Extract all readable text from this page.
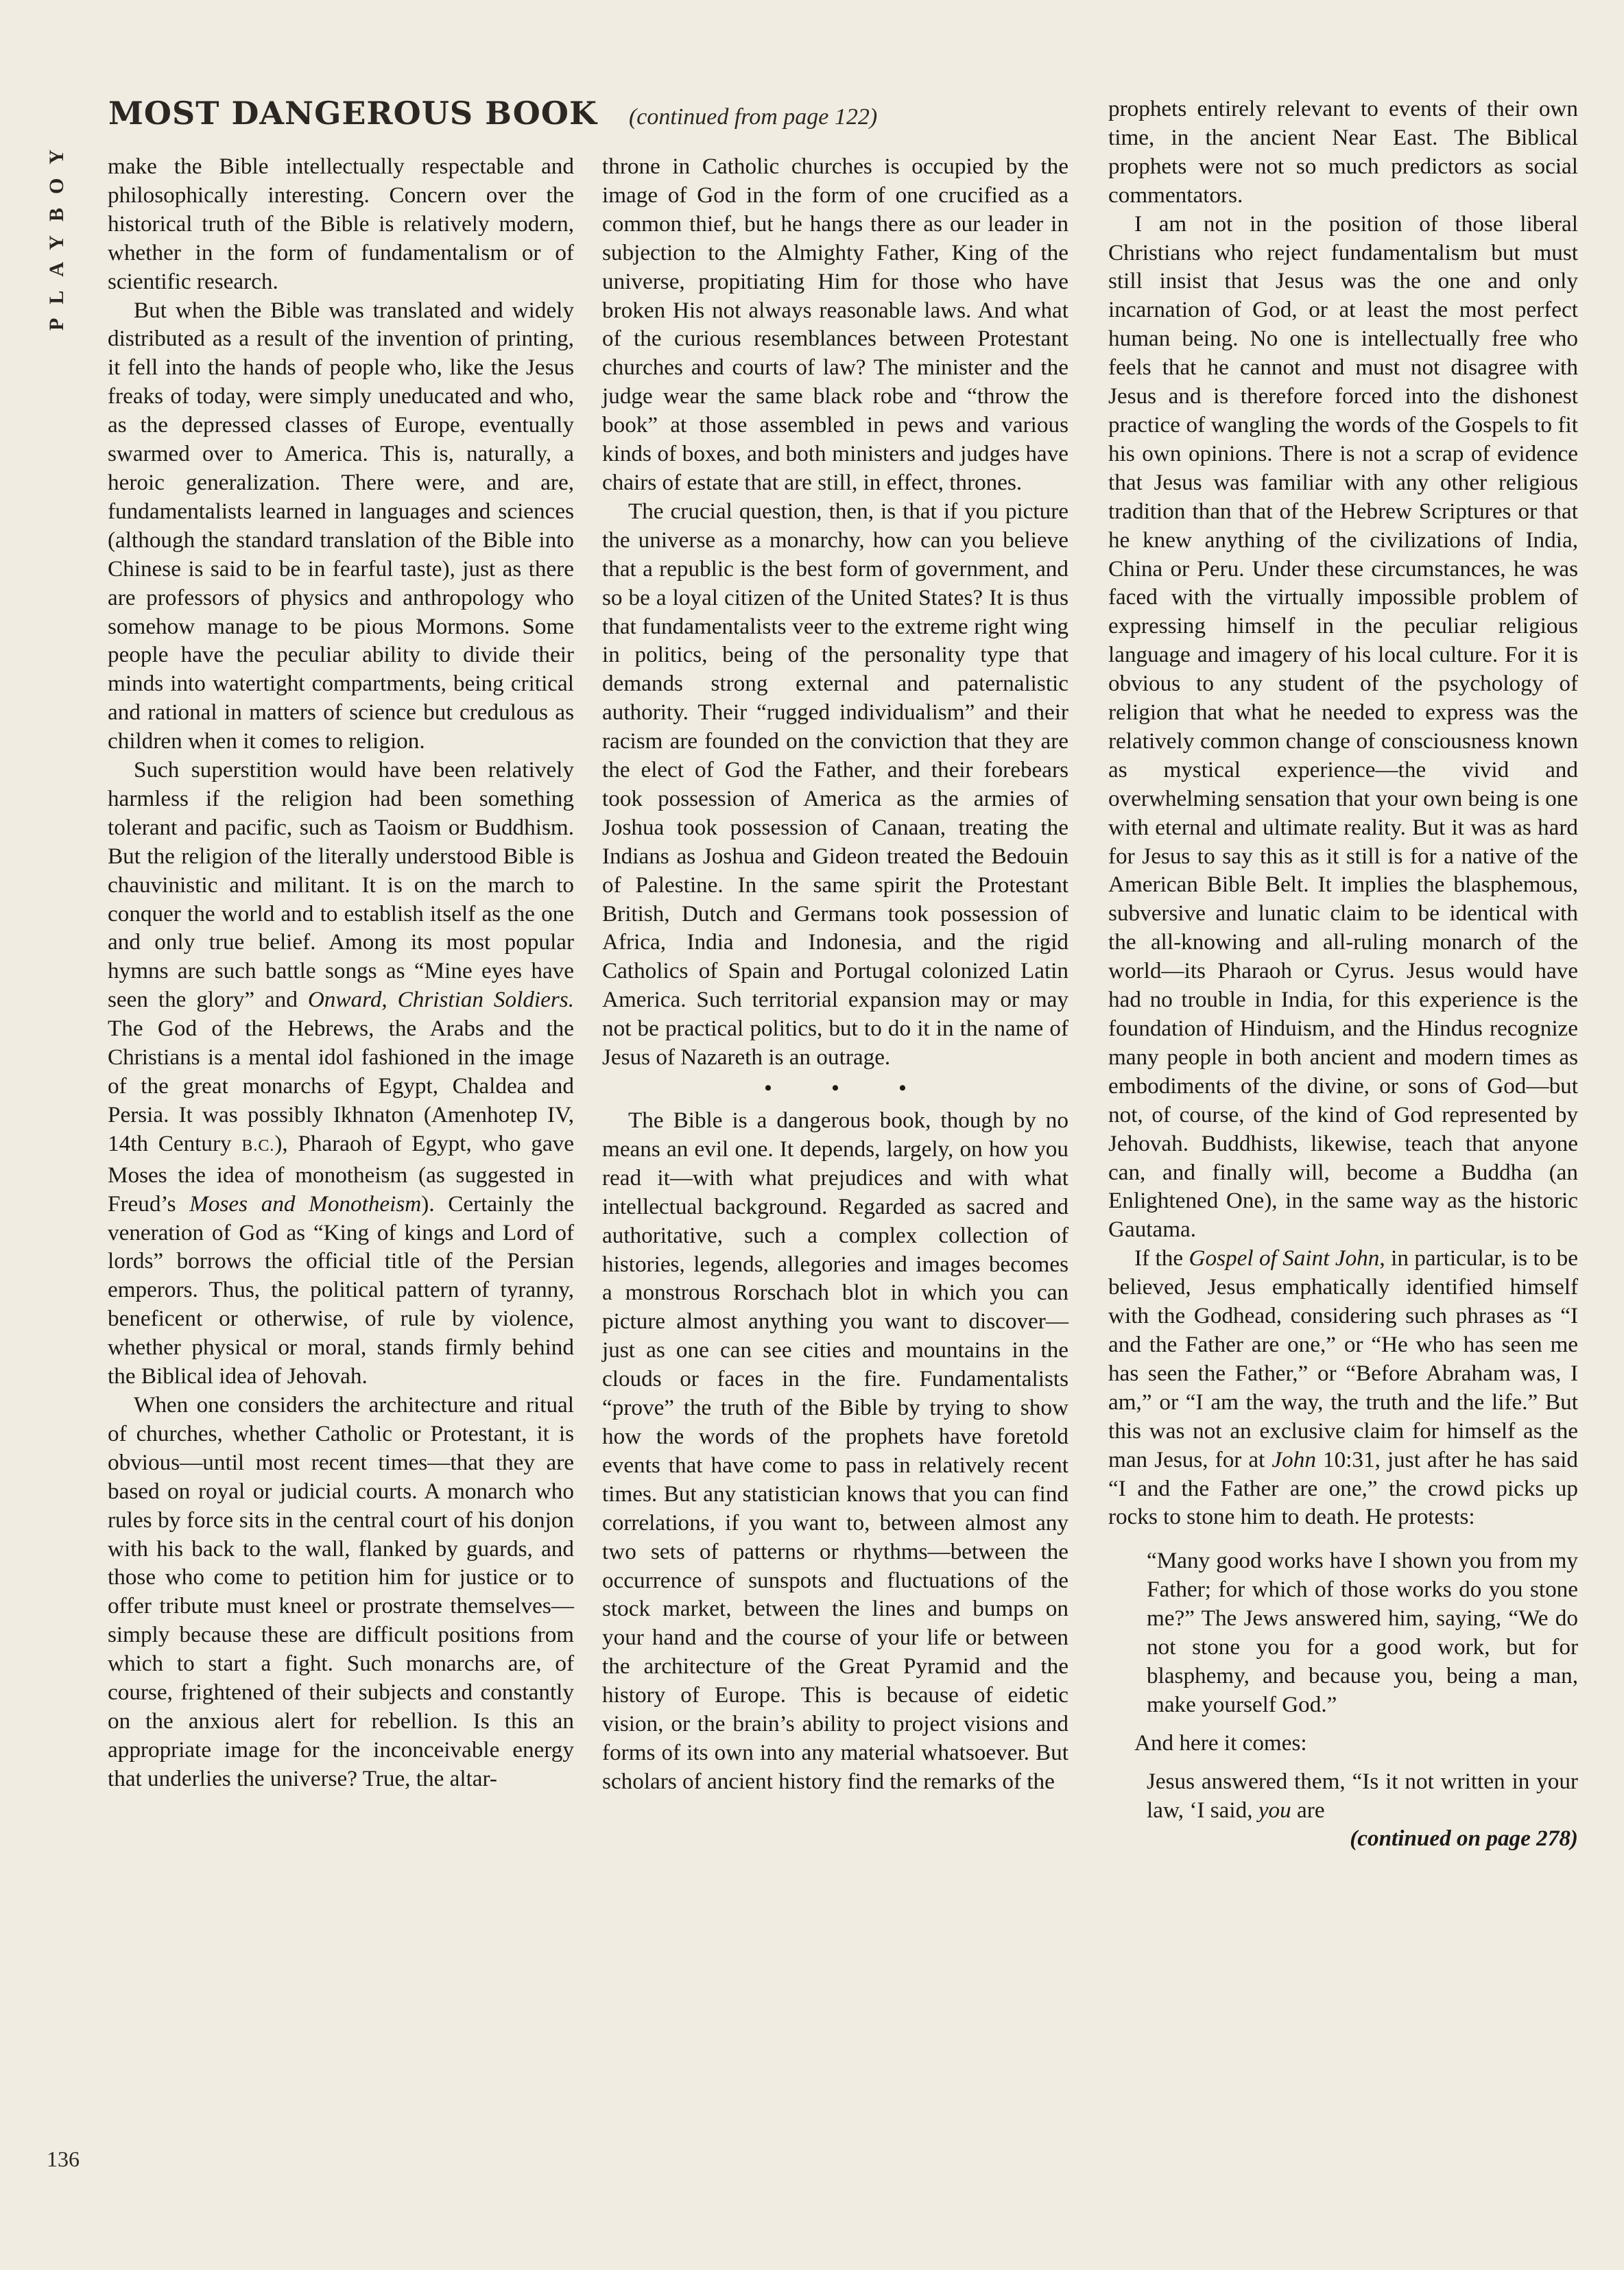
PLAYBOY
MOST DANGEROUS BOOK (continued from page 122)

make the Bible intellectually respectable and philosophically interesting. Concern over the historical truth of the Bible is relatively modern, whether in the form of fundamentalism or of scientific research.

But when the Bible was translated and widely distributed as a result of the invention of printing, it fell into the hands of people who, like the Jesus freaks of today, were simply uneducated and who, as the depressed classes of Europe, eventually swarmed over to America. This is, naturally, a heroic generalization. There were, and are, fundamentalists learned in languages and sciences (although the standard translation of the Bible into Chinese is said to be in fearful taste), just as there are professors of physics and anthropology who somehow manage to be pious Mormons. Some people have the peculiar ability to divide their minds into watertight compartments, being critical and rational in matters of science but credulous as children when it comes to religion.

Such superstition would have been relatively harmless if the religion had been something tolerant and pacific, such as Taoism or Buddhism. But the religion of the literally understood Bible is chauvinistic and militant. It is on the march to conquer the world and to establish itself as the one and only true belief. Among its most popular hymns are such battle songs as “Mine eyes have seen the glory” and Onward, Christian Soldiers. The God of the Hebrews, the Arabs and the Christians is a mental idol fashioned in the image of the great monarchs of Egypt, Chaldea and Persia. It was possibly Ikhnaton (Amenhotep IV, 14th Century B.C.), Pharaoh of Egypt, who gave Moses the idea of monotheism (as suggested in Freud’s Moses and Monotheism). Certainly the veneration of God as “King of kings and Lord of lords” borrows the official title of the Persian emperors. Thus, the political pattern of tyranny, beneficent or otherwise, of rule by violence, whether physical or moral, stands firmly behind the Biblical idea of Jehovah.

When one considers the architecture and ritual of churches, whether Catholic or Protestant, it is obvious—until most recent times—that they are based on royal or judicial courts. A monarch who rules by force sits in the central court of his donjon with his back to the wall, flanked by guards, and those who come to petition him for justice or to offer tribute must kneel or prostrate themselves—simply because these are difficult positions from which to start a fight. Such monarchs are, of course, frightened of their subjects and constantly on the anxious alert for rebellion. Is this an appropriate image for the inconceivable energy that underlies the universe? True, the altar-

throne in Catholic churches is occupied by the image of God in the form of one crucified as a common thief, but he hangs there as our leader in subjection to the Almighty Father, King of the universe, propitiating Him for those who have broken His not always reasonable laws. And what of the curious resemblances between Protestant churches and courts of law? The minister and the judge wear the same black robe and “throw the book” at those assembled in pews and various kinds of boxes, and both ministers and judges have chairs of estate that are still, in effect, thrones.

The crucial question, then, is that if you picture the universe as a monarchy, how can you believe that a republic is the best form of government, and so be a loyal citizen of the United States? It is thus that fundamentalists veer to the extreme right wing in politics, being of the personality type that demands strong external and paternalistic authority. Their “rugged individualism” and their racism are founded on the conviction that they are the elect of God the Father, and their forebears took possession of America as the armies of Joshua took possession of Canaan, treating the Indians as Joshua and Gideon treated the Bedouin of Palestine. In the same spirit the Protestant British, Dutch and Germans took possession of Africa, India and Indonesia, and the rigid Catholics of Spain and Portugal colonized Latin America. Such territorial expansion may or may not be practical politics, but to do it in the name of Jesus of Nazareth is an outrage.

• • •

The Bible is a dangerous book, though by no means an evil one. It depends, largely, on how you read it—with what prejudices and with what intellectual background. Regarded as sacred and authoritative, such a complex collection of histories, legends, allegories and images becomes a monstrous Rorschach blot in which you can picture almost anything you want to discover—just as one can see cities and mountains in the clouds or faces in the fire. Fundamentalists “prove” the truth of the Bible by trying to show how the words of the prophets have foretold events that have come to pass in relatively recent times. But any statistician knows that you can find correlations, if you want to, between almost any two sets of patterns or rhythms—between the occurrence of sunspots and fluctuations of the stock market, between the lines and bumps on your hand and the course of your life or between the architecture of the Great Pyramid and the history of Europe. This is because of eidetic vision, or the brain’s ability to project visions and forms of its own into any material whatsoever. But scholars of ancient history find the remarks of the

prophets entirely relevant to events of their own time, in the ancient Near East. The Biblical prophets were not so much predictors as social commentators.

I am not in the position of those liberal Christians who reject fundamentalism but must still insist that Jesus was the one and only incarnation of God, or at least the most perfect human being. No one is intellectually free who feels that he cannot and must not disagree with Jesus and is therefore forced into the dishonest practice of wangling the words of the Gospels to fit his own opinions. There is not a scrap of evidence that Jesus was familiar with any other religious tradition than that of the Hebrew Scriptures or that he knew anything of the civilizations of India, China or Peru. Under these circumstances, he was faced with the virtually impossible problem of expressing himself in the peculiar religious language and imagery of his local culture. For it is obvious to any student of the psychology of religion that what he needed to express was the relatively common change of consciousness known as mystical experience—the vivid and overwhelming sensation that your own being is one with eternal and ultimate reality. But it was as hard for Jesus to say this as it still is for a native of the American Bible Belt. It implies the blasphemous, subversive and lunatic claim to be identical with the all-knowing and all-ruling monarch of the world—its Pharaoh or Cyrus. Jesus would have had no trouble in India, for this experience is the foundation of Hinduism, and the Hindus recognize many people in both ancient and modern times as embodiments of the divine, or sons of God—but not, of course, of the kind of God represented by Jehovah. Buddhists, likewise, teach that anyone can, and finally will, become a Buddha (an Enlightened One), in the same way as the historic Gautama.

If the Gospel of Saint John, in particular, is to be believed, Jesus emphatically identified himself with the Godhead, considering such phrases as “I and the Father are one,” or “He who has seen me has seen the Father,” or “Before Abraham was, I am,” or “I am the way, the truth and the life.” But this was not an exclusive claim for himself as the man Jesus, for at John 10:31, just after he has said “I and the Father are one,” the crowd picks up rocks to stone him to death. He protests:

“Many good works have I shown you from my Father; for which of those works do you stone me?” The Jews answered him, saying, “We do not stone you for a good work, but for blasphemy, and because you, being a man, make yourself God.”

And here it comes:

Jesus answered them, “Is it not written in your law, ‘I said, you are

(continued on page 278)

136
